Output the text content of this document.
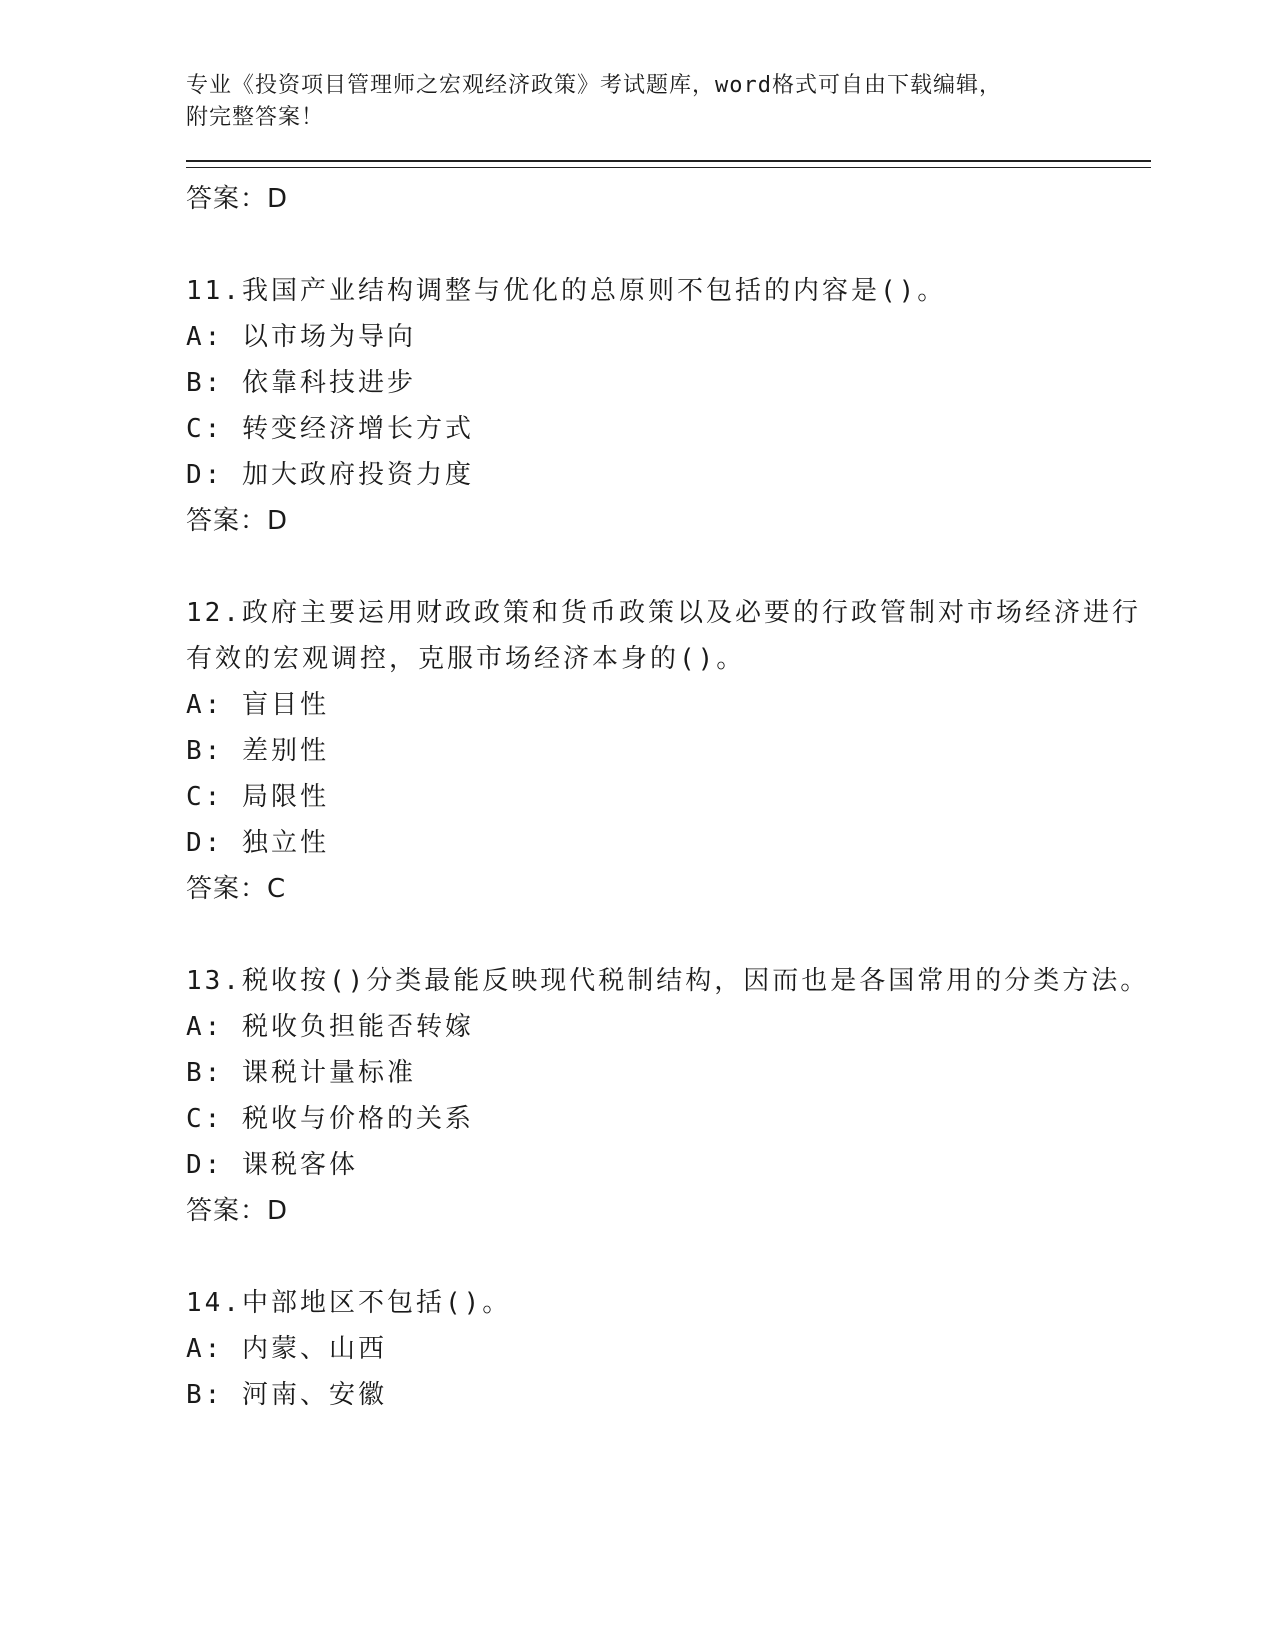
专业《投资项目管理师之宏观经济政策》考试题库，word格式可自由下载编辑，
附完整答案！
答案：D
11.我国产业结构调整与优化的总原则不包括的内容是()。
A: 以市场为导向
B: 依靠科技进步
C: 转变经济增长方式
D: 加大政府投资力度
答案：D
12.政府主要运用财政政策和货币政策以及必要的行政管制对市场经济进行有效的宏观调控，克服市场经济本身的()。
A: 盲目性
B: 差别性
C: 局限性
D: 独立性
答案：C
13.税收按()分类最能反映现代税制结构，因而也是各国常用的分类方法。
A: 税收负担能否转嫁
B: 课税计量标准
C: 税收与价格的关系
D: 课税客体
答案：D
14.中部地区不包括()。
A: 内蒙、山西
B: 河南、安徽
